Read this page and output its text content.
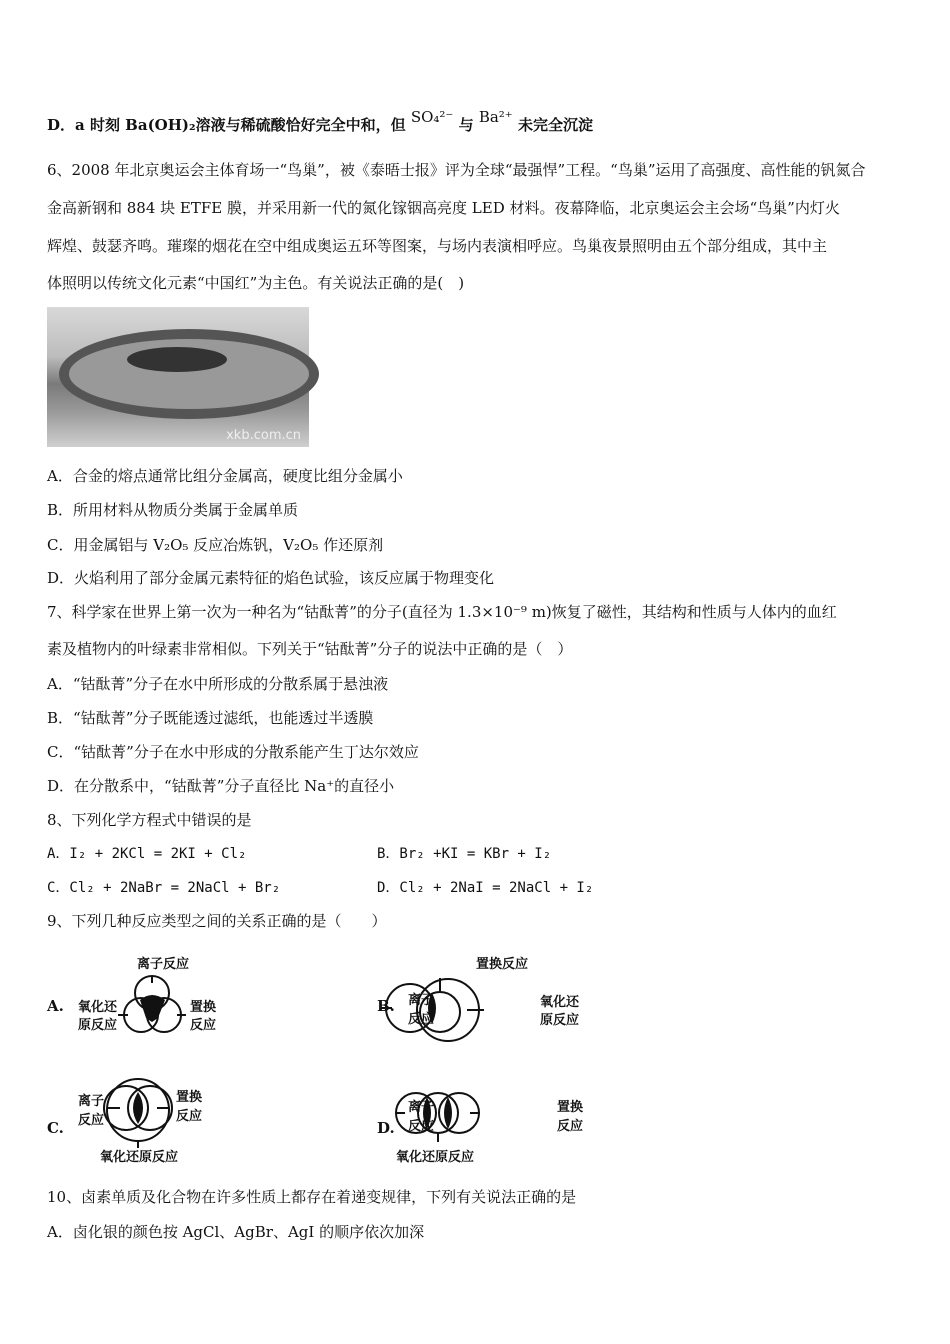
D．a 时刻 Ba(OH)₂溶液与稀硫酸恰好完全中和，但 SO₄²⁻ 与 Ba²⁺ 未完全沉淀
6、2008 年北京奥运会主体育场一“鸟巢”，被《泰晤士报》评为全球“最强悍”工程。“鸟巢”运用了高强度、高性能的钒氮合
金高新钢和 884 块 ETFE 膜，并采用新一代的氮化镓铟高亮度 LED 材料。夜幕降临，北京奥运会主会场“鸟巢”内灯火
辉煌、鼓瑟齐鸣。璀璨的烟花在空中组成奥运五环等图案，与场内表演相呼应。鸟巢夜景照明由五个部分组成，其中主
体照明以传统文化元素“中国红”为主色。有关说法正确的是(　)
xkb.com.cn
A．合金的熔点通常比组分金属高，硬度比组分金属小
B．所用材料从物质分类属于金属单质
C．用金属铝与 V₂O₅ 反应冶炼钒，V₂O₅ 作还原剂
D．火焰利用了部分金属元素特征的焰色试验，该反应属于物理变化
7、科学家在世界上第一次为一种名为“钴酞菁”的分子(直径为 1.3×10⁻⁹ m)恢复了磁性，其结构和性质与人体内的血红
素及植物内的叶绿素非常相似。下列关于“钴酞菁”分子的说法中正确的是（　）
A．“钴酞菁”分子在水中所形成的分散系属于悬浊液
B．“钴酞菁”分子既能透过滤纸，也能透过半透膜
C．“钴酞菁”分子在水中形成的分散系能产生丁达尔效应
D．在分散系中，“钴酞菁”分子直径比 Na⁺的直径小
8、下列化学方程式中错误的是
A．I₂ + 2KCl = 2KI + Cl₂	B．Br₂ +KI = KBr + I₂
C．Cl₂ + 2NaBr = 2NaCl + Br₂	D．Cl₂ + 2NaI = 2NaCl + I₂
9、下列几种反应类型之间的关系正确的是（　　）
A.
离子反应
氧化还
原反应
置换
反应
B.
置换反应
离子
反应
氧化还
原反应
C.
离子
反应
置换
反应
氧化还原反应
D.
离子
反应
置换
反应
氧化还原反应
10、卤素单质及化合物在许多性质上都存在着递变规律，下列有关说法正确的是
A．卤化银的颜色按 AgCl、AgBr、AgI 的顺序依次加深
